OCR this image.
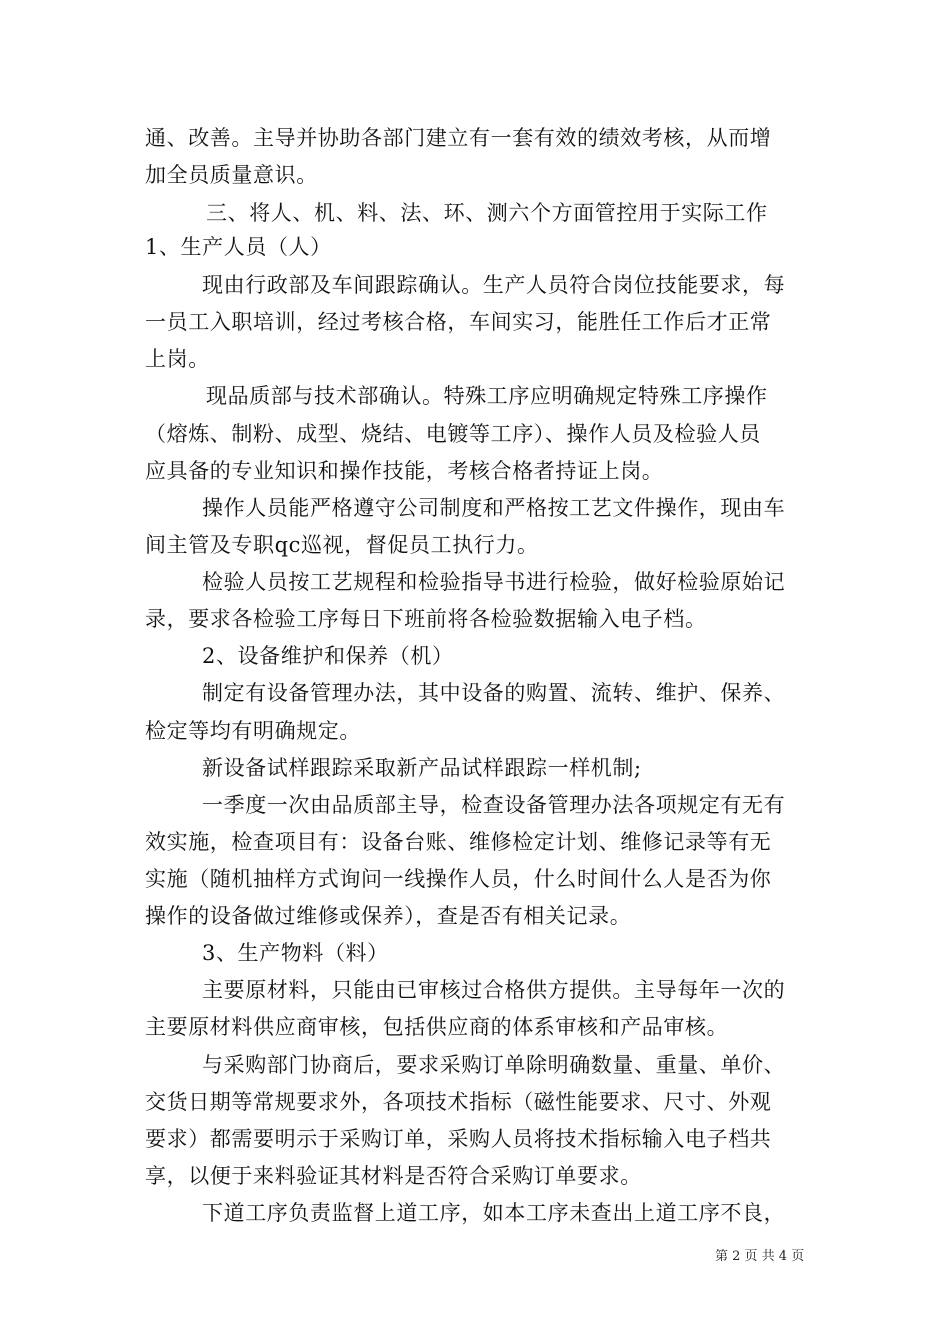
通、改善。主导并协助各部门建立有一套有效的绩效考核，从而增
加全员质量意识。
三、将人、机、料、法、环、测六个方面管控用于实际工作
1、生产人员（人）
现由行政部及车间跟踪确认。生产人员符合岗位技能要求，每
一员工入职培训，经过考核合格，车间实习，能胜任工作后才正常
上岗。
现品质部与技术部确认。特殊工序应明确规定特殊工序操作
（熔炼、制粉、成型、烧结、电镀等工序）、操作人员及检验人员
应具备的专业知识和操作技能，考核合格者持证上岗。
操作人员能严格遵守公司制度和严格按工艺文件操作，现由车
间主管及专职qc巡视，督促员工执行力。
检验人员按工艺规程和检验指导书进行检验，做好检验原始记
录，要求各检验工序每日下班前将各检验数据输入电子档。
2、设备维护和保养（机）
制定有设备管理办法，其中设备的购置、流转、维护、保养、
检定等均有明确规定。
新设备试样跟踪采取新产品试样跟踪一样机制;
一季度一次由品质部主导，检查设备管理办法各项规定有无有
效实施，检查项目有：设备台账、维修检定计划、维修记录等有无
实施（随机抽样方式询问一线操作人员，什么时间什么人是否为你
操作的设备做过维修或保养），查是否有相关记录。
3、生产物料（料）
主要原材料，只能由已审核过合格供方提供。主导每年一次的
主要原材料供应商审核，包括供应商的体系审核和产品审核。
与采购部门协商后，要求采购订单除明确数量、重量、单价、
交货日期等常规要求外，各项技术指标（磁性能要求、尺寸、外观
要求）都需要明示于采购订单，采购人员将技术指标输入电子档共
享，以便于来料验证其材料是否符合采购订单要求。
下道工序负责监督上道工序，如本工序未查出上道工序不良，
第 2 页 共 4 页
